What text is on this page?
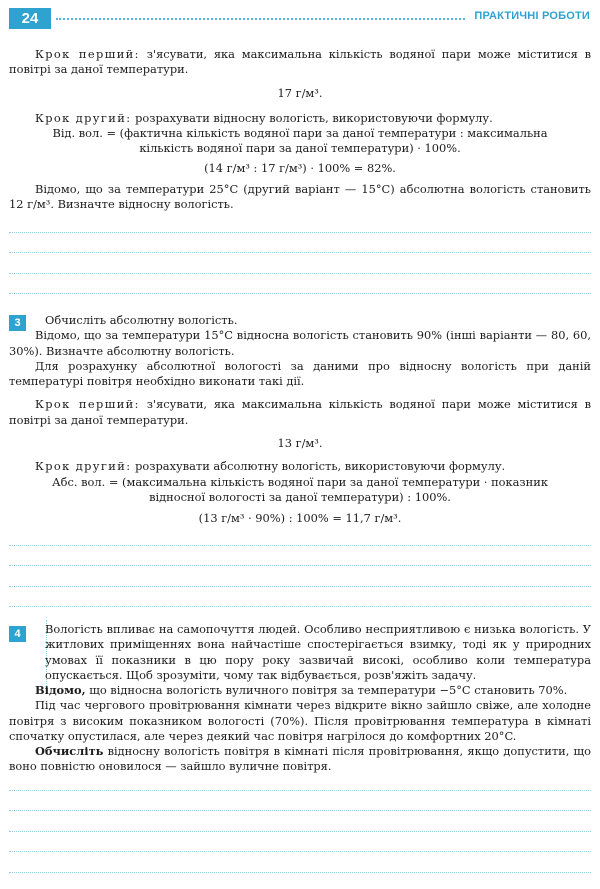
24	ПРАКТИЧНІ РОБОТИ

Крок перший: з'ясувати, яка максимальна кількість водяної пари може міститися в повітрі за даної температури.

17 г/м³.

Крок другий: розрахувати відносну вологість, використовуючи формулу.

Від. вол. = (фактична кількість водяної пари за даної температури : максимальна

кількість водяної пари за даної температури) · 100%.

(14 г/м³ : 17 г/м³) · 100% = 82%.

Відомо, що за температури 25°C (другий варіант — 15°C) абсолютна вологість становить 12 г/м³. Визначте відносну вологість.

3	Обчисліть абсолютну вологість.

Відомо, що за температури 15°C відносна вологість становить 90% (інші варіанти — 80, 60, 30%). Визначте абсолютну вологість.

Для розрахунку абсолютної вологості за даними про відносну вологість при даній температурі повітря необхідно виконати такі дії.

Крок перший: з'ясувати, яка максимальна кількість водяної пари може міститися в повітрі за даної температури.

13 г/м³.

Крок другий: розрахувати абсолютну вологість, використовуючи формулу.

Абс. вол. = (максимальна кількість водяної пари за даної температури · показник

відносної вологості за даної температури) : 100%.

(13 г/м³ · 90%) : 100% = 11,7 г/м³.

4	Вологість впливає на самопочуття людей. Особливо несприятливою є низька вологість. У житлових приміщеннях вона найчастіше спостерігається взимку, тоді як у природних умовах її показники в цю пору року зазвичай високі, особливо коли температура опускається. Щоб зрозуміти, чому так відбувається, розв'яжіть задачу.

Відомо, що відносна вологість вуличного повітря за температури −5°C становить 70%.

Під час чергового провітрювання кімнати через відкрите вікно зайшло свіже, але холодне повітря з високим показником вологості (70%). Після провітрювання температура в кімнаті спочатку опустилася, але через деякий час повітря нагрілося до комфортних 20°C.

Обчисліть відносну вологість повітря в кімнаті після провітрювання, якщо допустити, що воно повністю оновилося — зайшло вуличне повітря.
